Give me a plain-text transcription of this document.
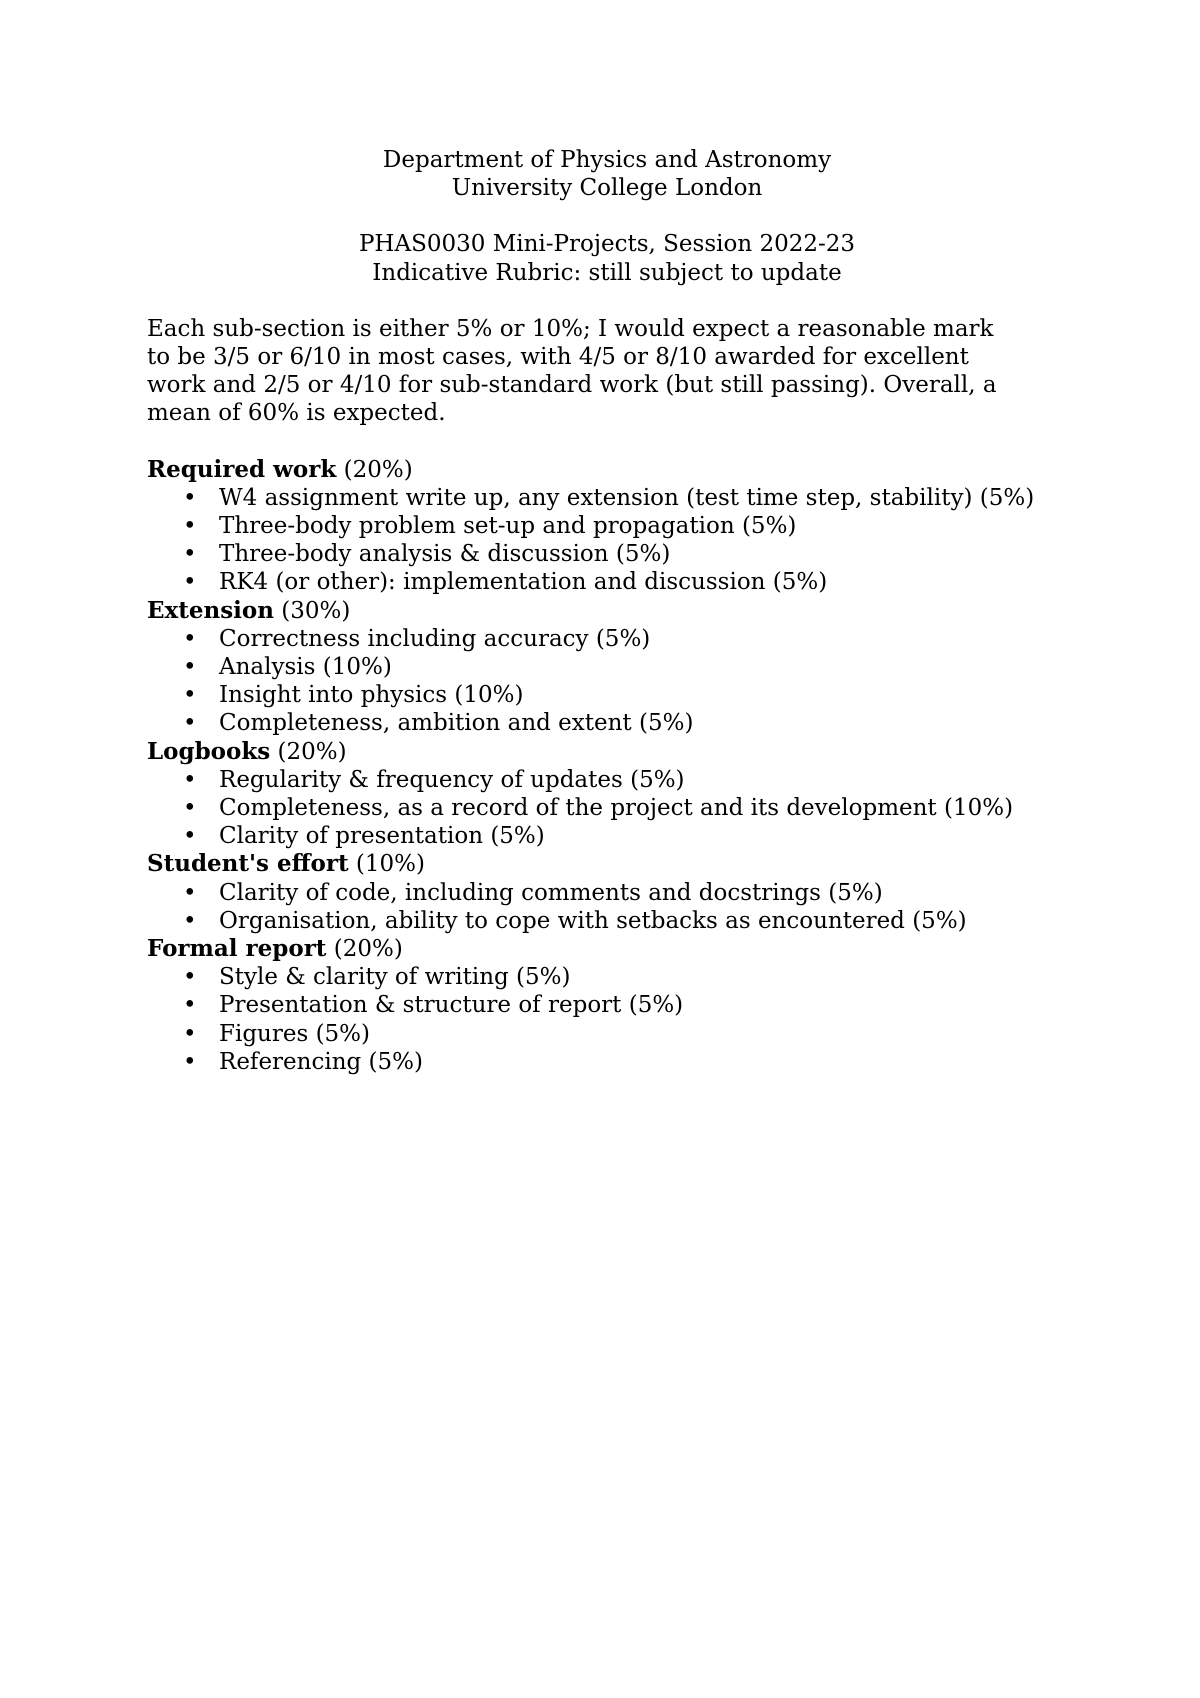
Department of Physics and Astronomy
University College London
PHAS0030 Mini-Projects, Session 2022-23
Indicative Rubric: still subject to update
Each sub-section is either 5% or 10%; I would expect a reasonable mark
to be 3/5 or 6/10 in most cases, with 4/5 or 8/10 awarded for excellent
work and 2/5 or 4/10 for sub-standard work (but still passing). Overall, a
mean of 60% is expected.
Required work (20%)
• W4 assignment write up, any extension (test time step, stability) (5%)
• Three-body problem set-up and propagation (5%)
• Three-body analysis & discussion (5%)
• RK4 (or other): implementation and discussion (5%)
Extension (30%)
• Correctness including accuracy (5%)
• Analysis (10%)
• Insight into physics (10%)
• Completeness, ambition and extent (5%)
Logbooks (20%)
• Regularity & frequency of updates (5%)
• Completeness, as a record of the project and its development (10%)
• Clarity of presentation (5%)
Student's effort (10%)
• Clarity of code, including comments and docstrings (5%)
• Organisation, ability to cope with setbacks as encountered (5%)
Formal report (20%)
• Style & clarity of writing (5%)
• Presentation & structure of report (5%)
• Figures (5%)
• Referencing (5%)
